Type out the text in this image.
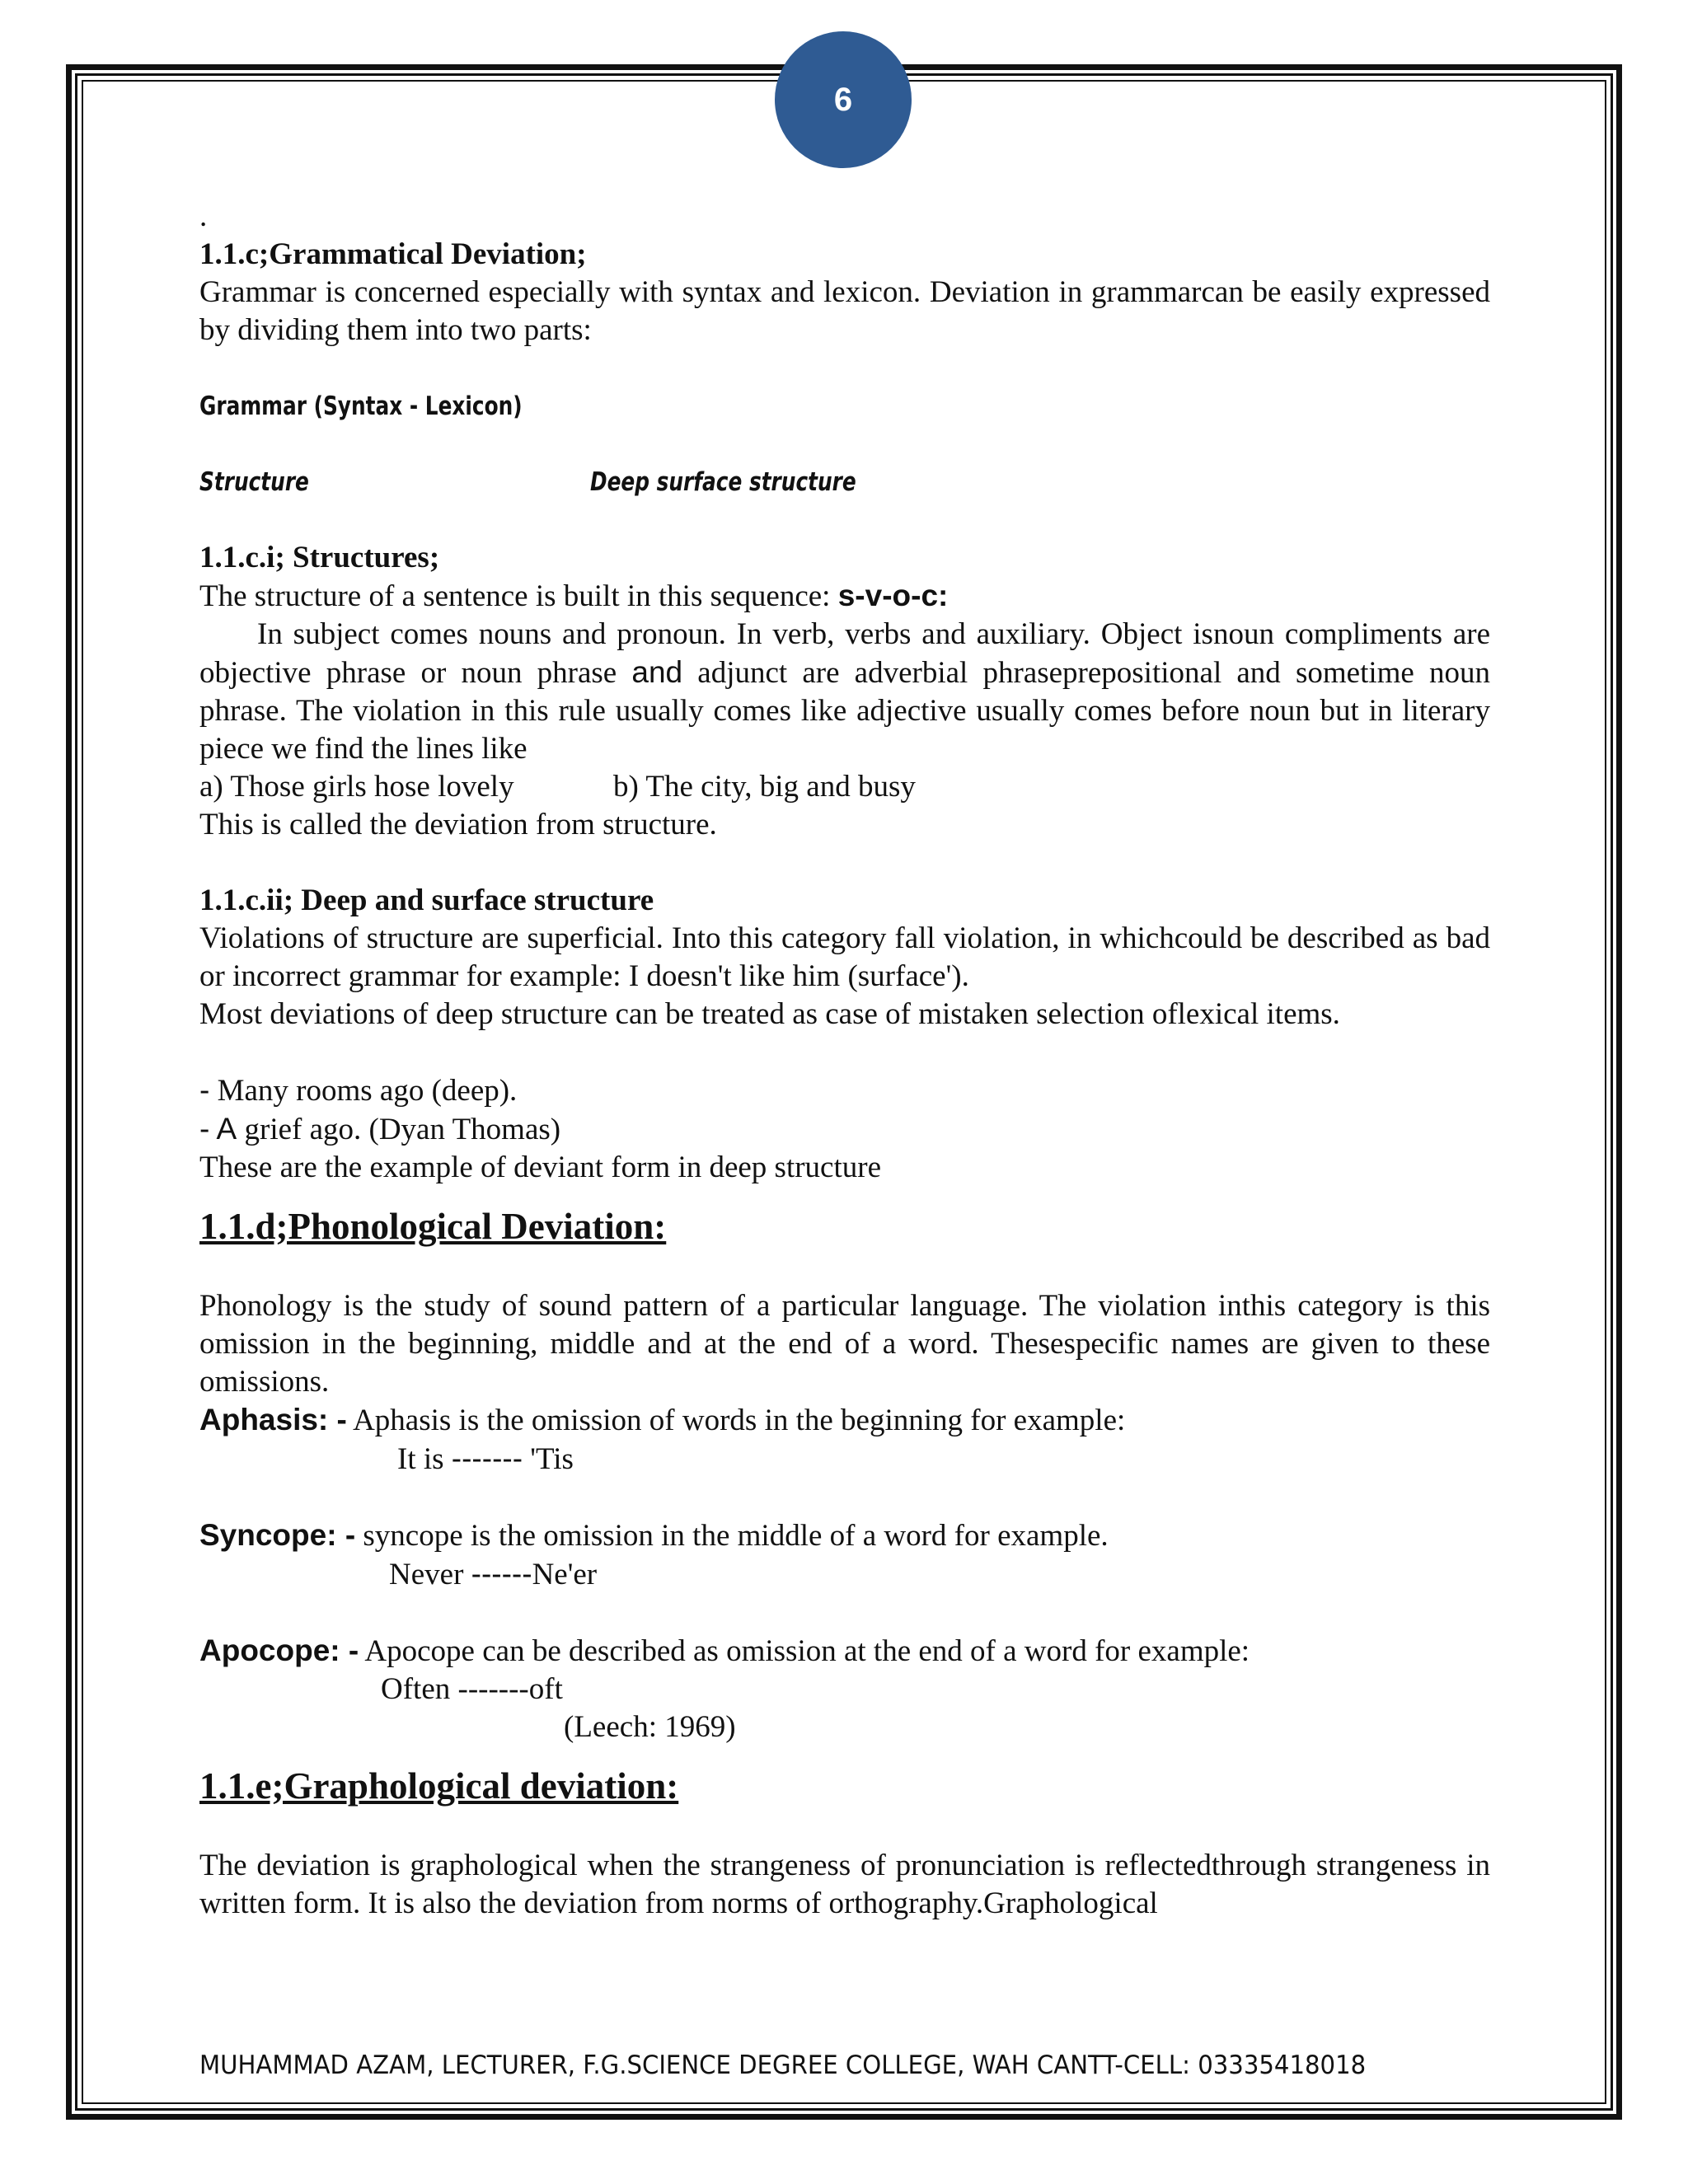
6

.

1.1.c;Grammatical Deviation;

Grammar is concerned especially with syntax and lexicon. Deviation in grammarcan be easily expressed by dividing them into two parts:

Grammar (Syntax - Lexicon)
Structure	Deep surface structure

1.1.c.i; Structures;

The structure of a sentence is built in this sequence: s-v-o-c:

In subject comes nouns and pronoun. In verb, verbs and auxiliary. Object isnoun compliments are objective phrase or noun phrase and adjunct are adverbial phraseprepositional and sometime noun phrase. The violation in this rule usually comes like adjective usually comes before noun but in literary piece we find the lines like

a) Those girls hose lovely	b) The city, big and busy

This is called the deviation from structure.

1.1.c.ii; Deep and surface structure

Violations of structure are superficial. Into this category fall violation, in whichcould be described as bad or incorrect grammar for example: I doesn't like him (surface').

Most deviations of deep structure can be treated as case of mistaken selection oflexical items.

- Many rooms ago (deep).

- A grief ago. (Dyan Thomas)

These are the example of deviant form in deep structure

1.1.d;Phonological Deviation:

Phonology is the study of sound pattern of a particular language. The violation inthis category is this omission in the beginning, middle and at the end of a word. Thesespecific names are given to these omissions.

Aphasis: - Aphasis is the omission of words in the beginning for example:

It is ------- 'Tis

Syncope: - syncope is the omission in the middle of a word for example.

Never ------Ne'er

Apocope: - Apocope can be described as omission at the end of a word for example:

Often -------oft

(Leech: 1969)

1.1.e;Graphological deviation:

The deviation is graphological when the strangeness of pronunciation is reflectedthrough strangeness in written form. It is also the deviation from norms of orthography.Graphological

MUHAMMAD AZAM, LECTURER, F.G.SCIENCE DEGREE COLLEGE, WAH CANTT-CELL: 03335418018
